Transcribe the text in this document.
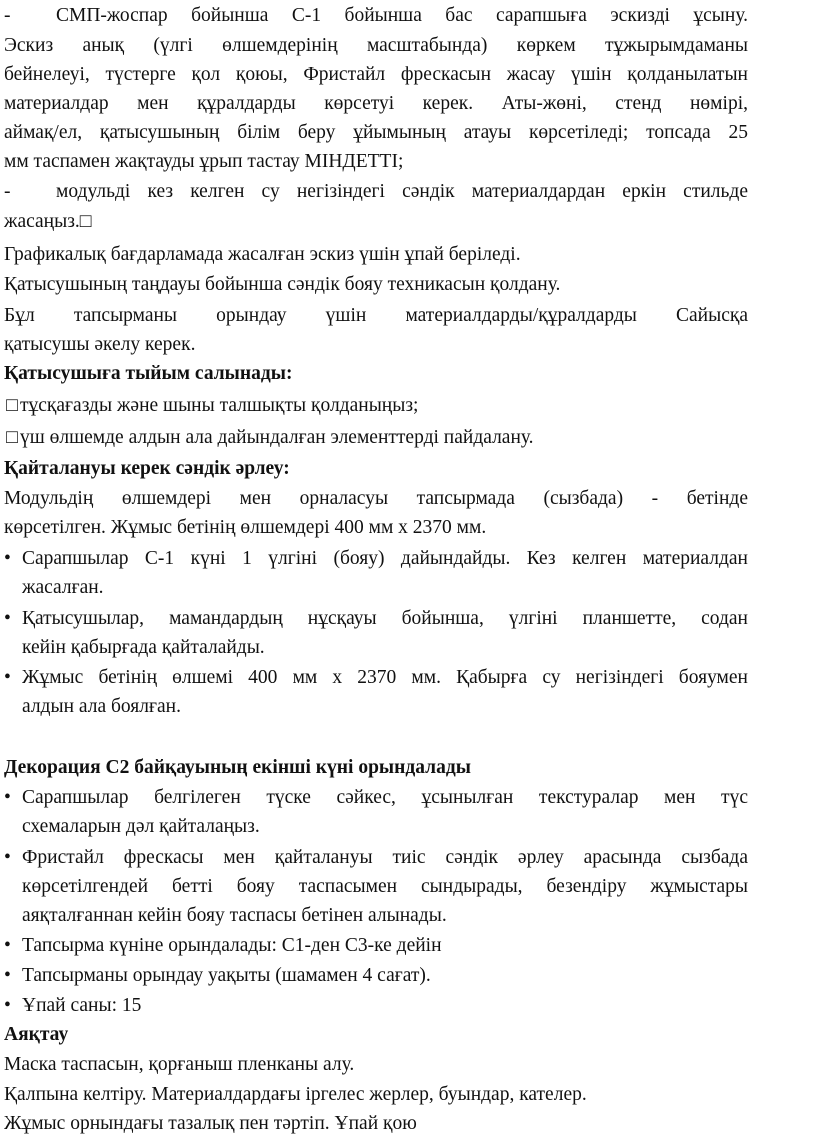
- СМП-жоспар бойынша С-1 бойынша бас сарапшыға эскизді ұсыну.
Эскиз анық (үлгі өлшемдерінің масштабында) көркем тұжырымдаманы
бейнелеуі, түстерге қол қоюы, Фристайл фрескасын жасау үшін қолданылатын
материалдар мен құралдарды көрсетуі керек. Аты-жөні, стенд нөмірі,
аймақ/ел, қатысушының білім беру ұйымының атауы көрсетіледі; топсада 25
мм таспамен жақтауды ұрып тастау МІНДЕТТІ;
- модульді кез келген су негізіндегі сәндік материалдардан еркін стильде
жасаңыз.□
Графикалық бағдарламада жасалған эскиз үшін ұпай беріледі.
Қатысушының таңдауы бойынша сәндік бояу техникасын қолдану.
Бұл тапсырманы орындау үшін материалдарды/құралдарды Сайысқа
қатысушы әкелу керек.
Қатысушыға тыйым салынады:
□ тұсқағазды және шыны талшықты қолданыңыз;
□ үш өлшемде алдын ала дайындалған элементтерді пайдалану.
Қайталануы керек сәндік әрлеу:
Модульдің өлшемдері мен орналасуы тапсырмада (сызбада) - бетінде
көрсетілген. Жұмыс бетінің өлшемдері 400 мм х 2370 мм.
• Сарапшылар С-1 күні 1 үлгіні (бояу) дайындайды. Кез келген материалдан
жасалған.
• Қатысушылар, мамандардың нұсқауы бойынша, үлгіні планшетте, содан
кейін қабырғада қайталайды.
• Жұмыс бетінің өлшемі 400 мм х 2370 мм. Қабырға су негізіндегі бояумен
алдын ала боялған.
Декорация С2 байқауының екінші күні орындалады
• Сарапшылар белгілеген түске сәйкес, ұсынылған текстуралар мен түс
схемаларын дәл қайталаңыз.
• Фристайл фрескасы мен қайталануы тиіс сәндік әрлеу арасында сызбада
көрсетілгендей бетті бояу таспасымен сындырады, безендіру жұмыстары
аяқталғаннан кейін бояу таспасы бетінен алынады.
• Тапсырма күніне орындалады: С1-ден С3-ке дейін
• Тапсырманы орындау уақыты (шамамен 4 сағат).
• Ұпай саны: 15
Аяқтау
Маска таспасын, қорғаныш пленканы алу.
Қалпына келтіру. Материалдардағы іргелес жерлер, буындар, кателер.
Жұмыс орнындағы тазалық пен тәртіп. Ұпай қою
